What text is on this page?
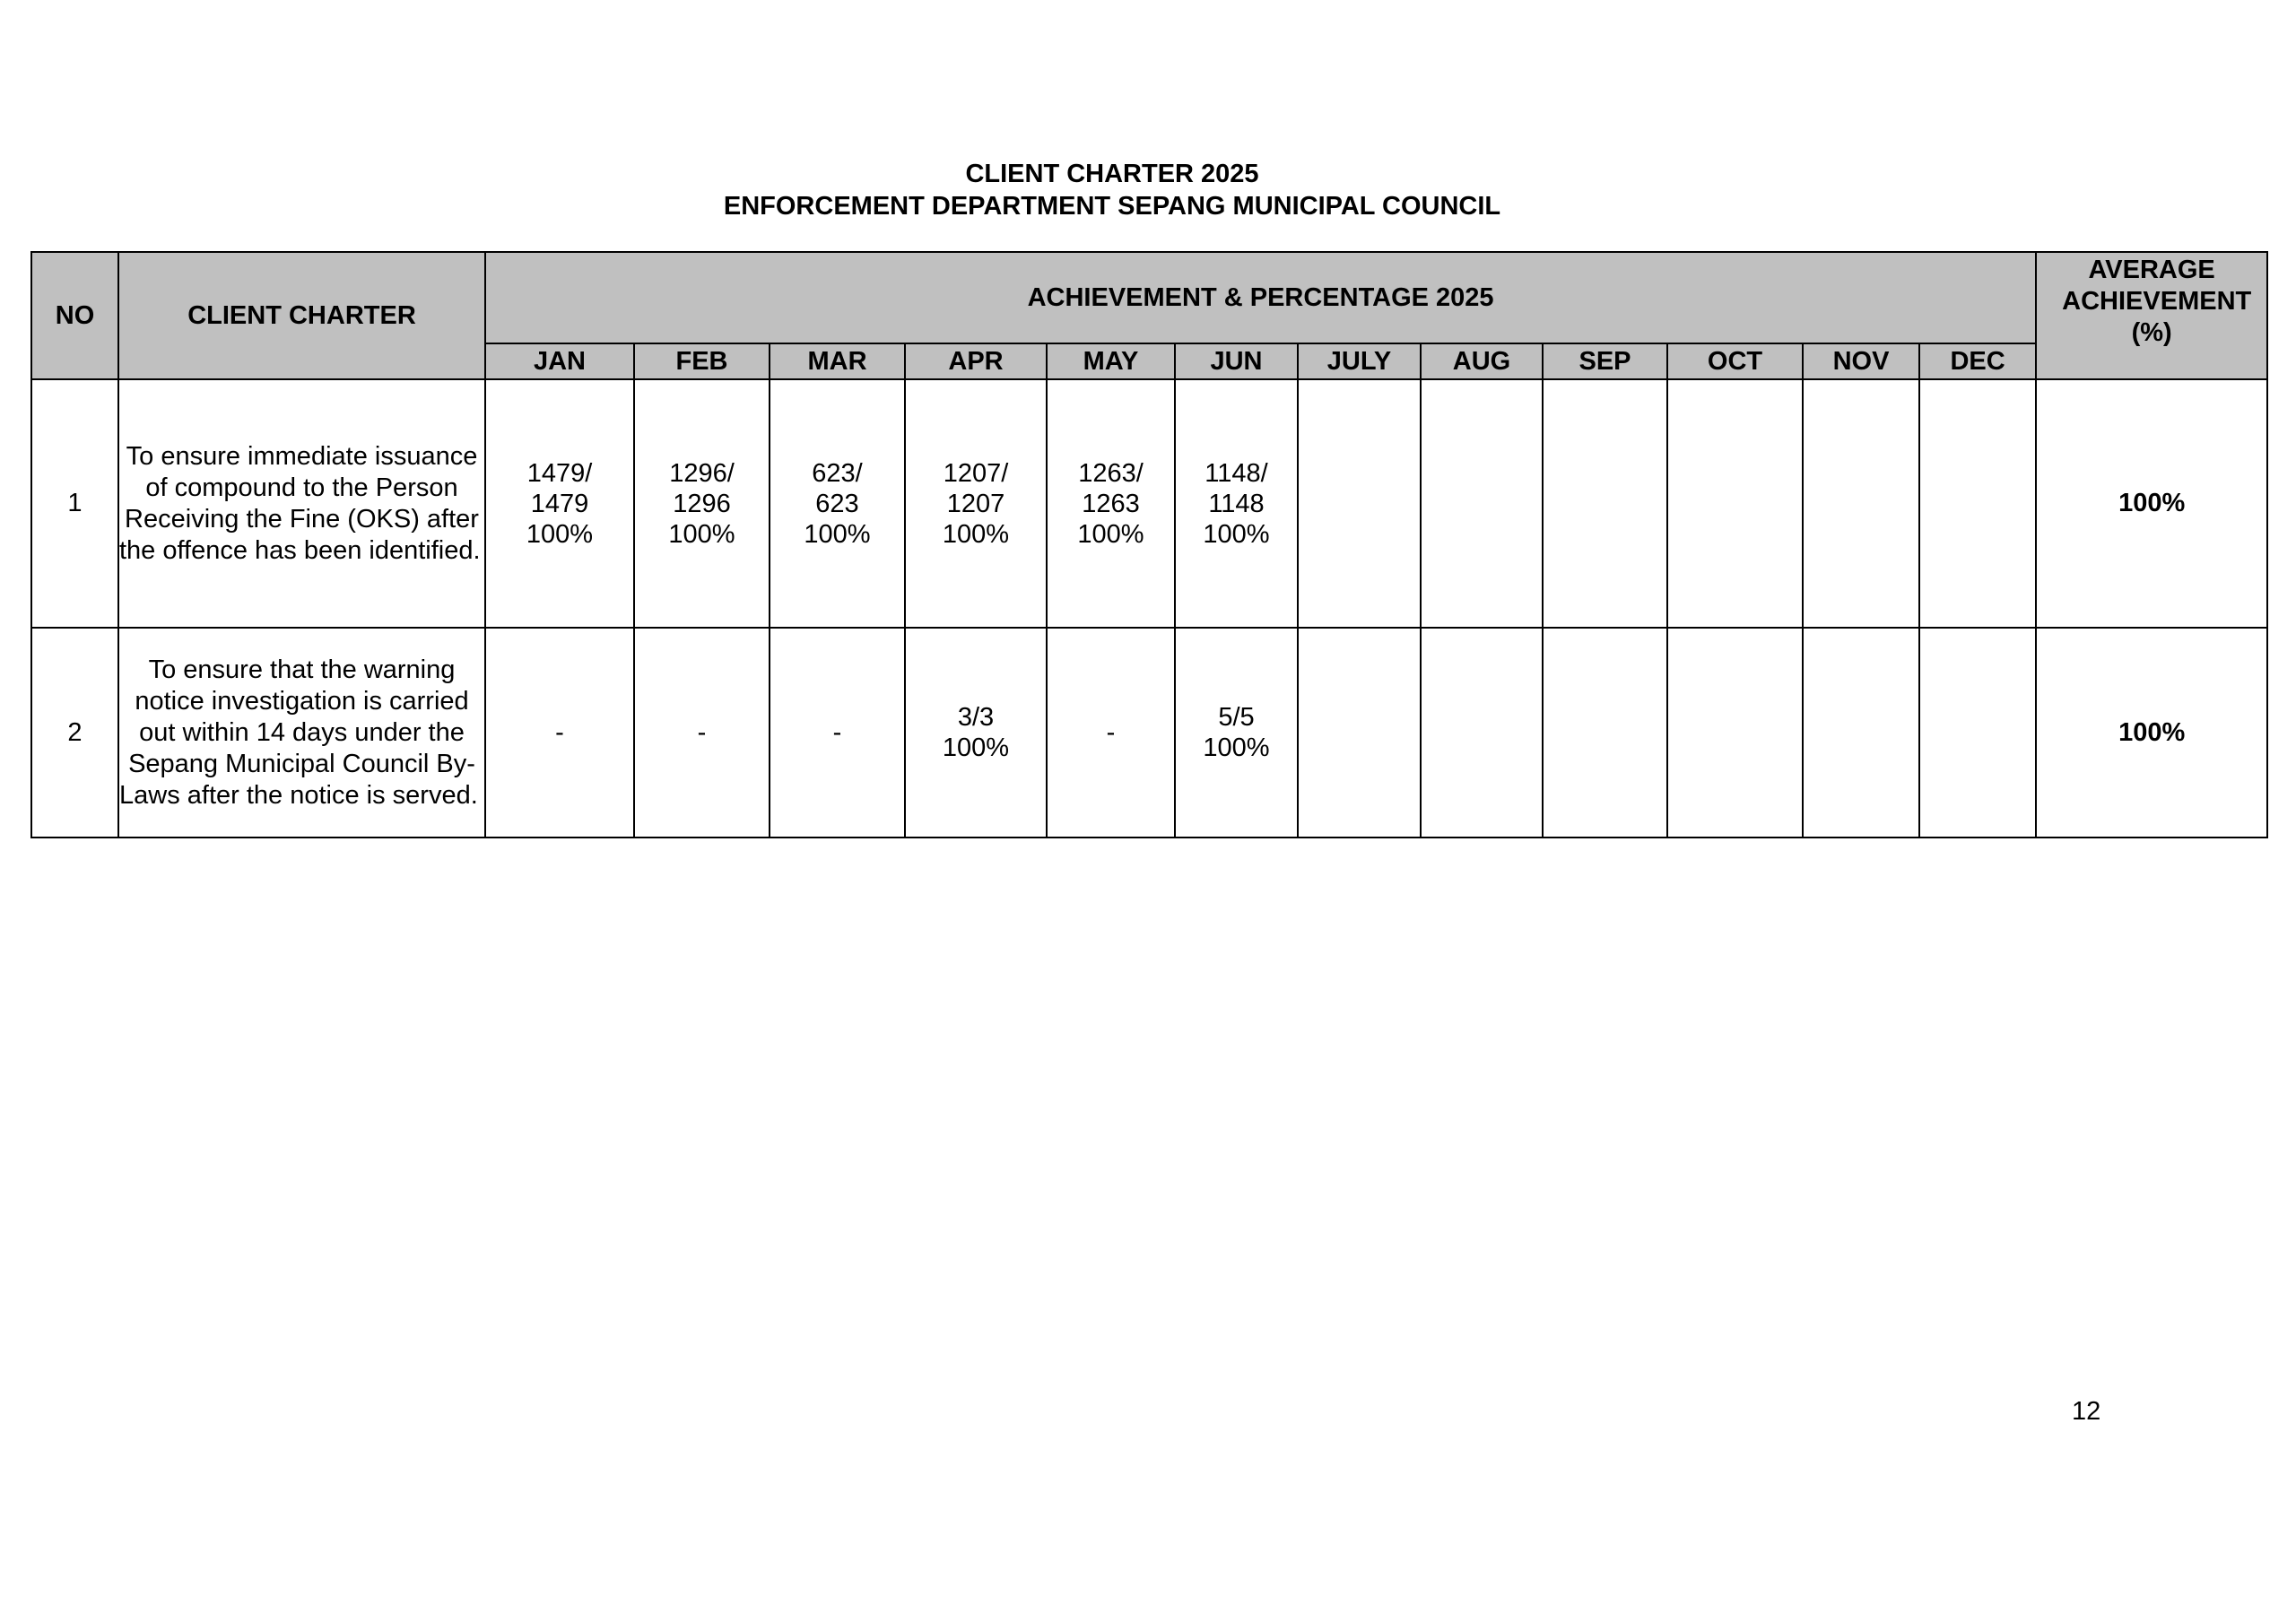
CLIENT CHARTER 2025
ENFORCEMENT DEPARTMENT SEPANG MUNICIPAL COUNCIL
NO	CLIENT CHARTER	ACHIEVEMENT & PERCENTAGE 2025												AVERAGE ACHIEVEMENT (%)

		JAN	FEB	MAR	APR	MAY	JUN	JULY	AUG	SEP	OCT	NOV	DEC	
1	To ensure immediate issuance of compound to the Person Receiving the Fine (OKS) after the offence has been identified.	1479/
1479
100%	1296/
1296
100%	623/
623
100%	1207/
1207
100%	1263/
1263
100%	1148/
1148
100%							100%
2	To ensure that the warning notice investigation is carried out within 14 days under the Sepang Municipal Council By-Laws after the notice is served.	-	-	-	3/3
100%	-	5/5
100%							100%
12
